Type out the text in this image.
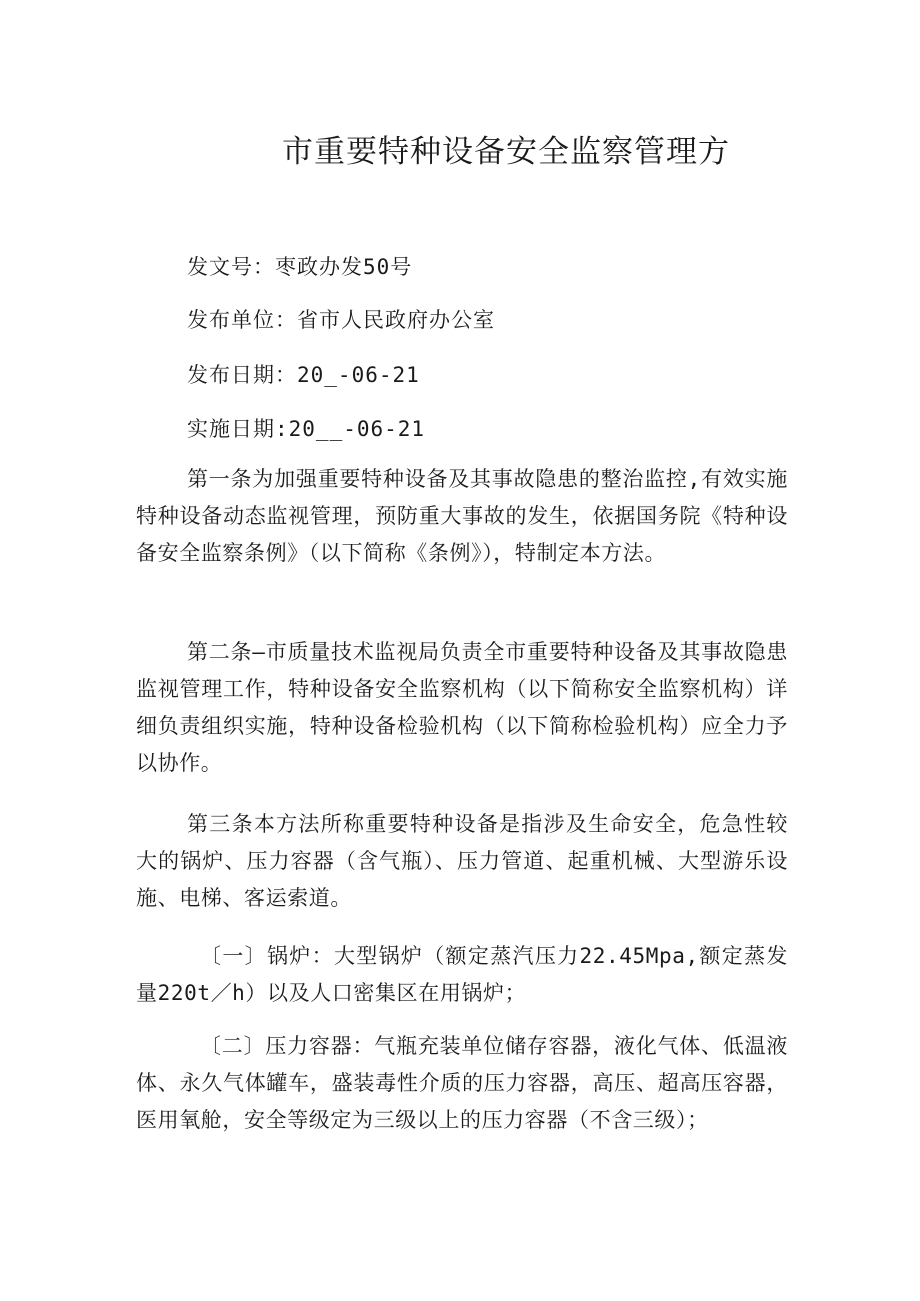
市重要特种设备安全监察管理方

发文号：枣政办发50号

发布单位：省市人民政府办公室

发布日期：20_-06-21

实施日期:20__-06-21

第一条为加强重要特种设备及其事故隐患的整治监控,有效实施特种设备动态监视管理，预防重大事故的发生，依据国务院《特种设备安全监察条例》（以下简称《条例》），特制定本方法。

第二条—市质量技术监视局负责全市重要特种设备及其事故隐患监视管理工作，特种设备安全监察机构（以下简称安全监察机构）详细负责组织实施，特种设备检验机构（以下简称检验机构）应全力予以协作。

第三条本方法所称重要特种设备是指涉及生命安全，危急性较大的锅炉、压力容器（含气瓶）、压力管道、起重机械、大型游乐设施、电梯、客运索道。

〔一〕锅炉：大型锅炉（额定蒸汽压力22.45Mpa,额定蒸发量220t／h）以及人口密集区在用锅炉；

〔二〕压力容器：气瓶充装单位储存容器，液化气体、低温液体、永久气体罐车，盛装毒性介质的压力容器，高压、超高压容器，医用氧舱，安全等级定为三级以上的压力容器（不含三级）；
